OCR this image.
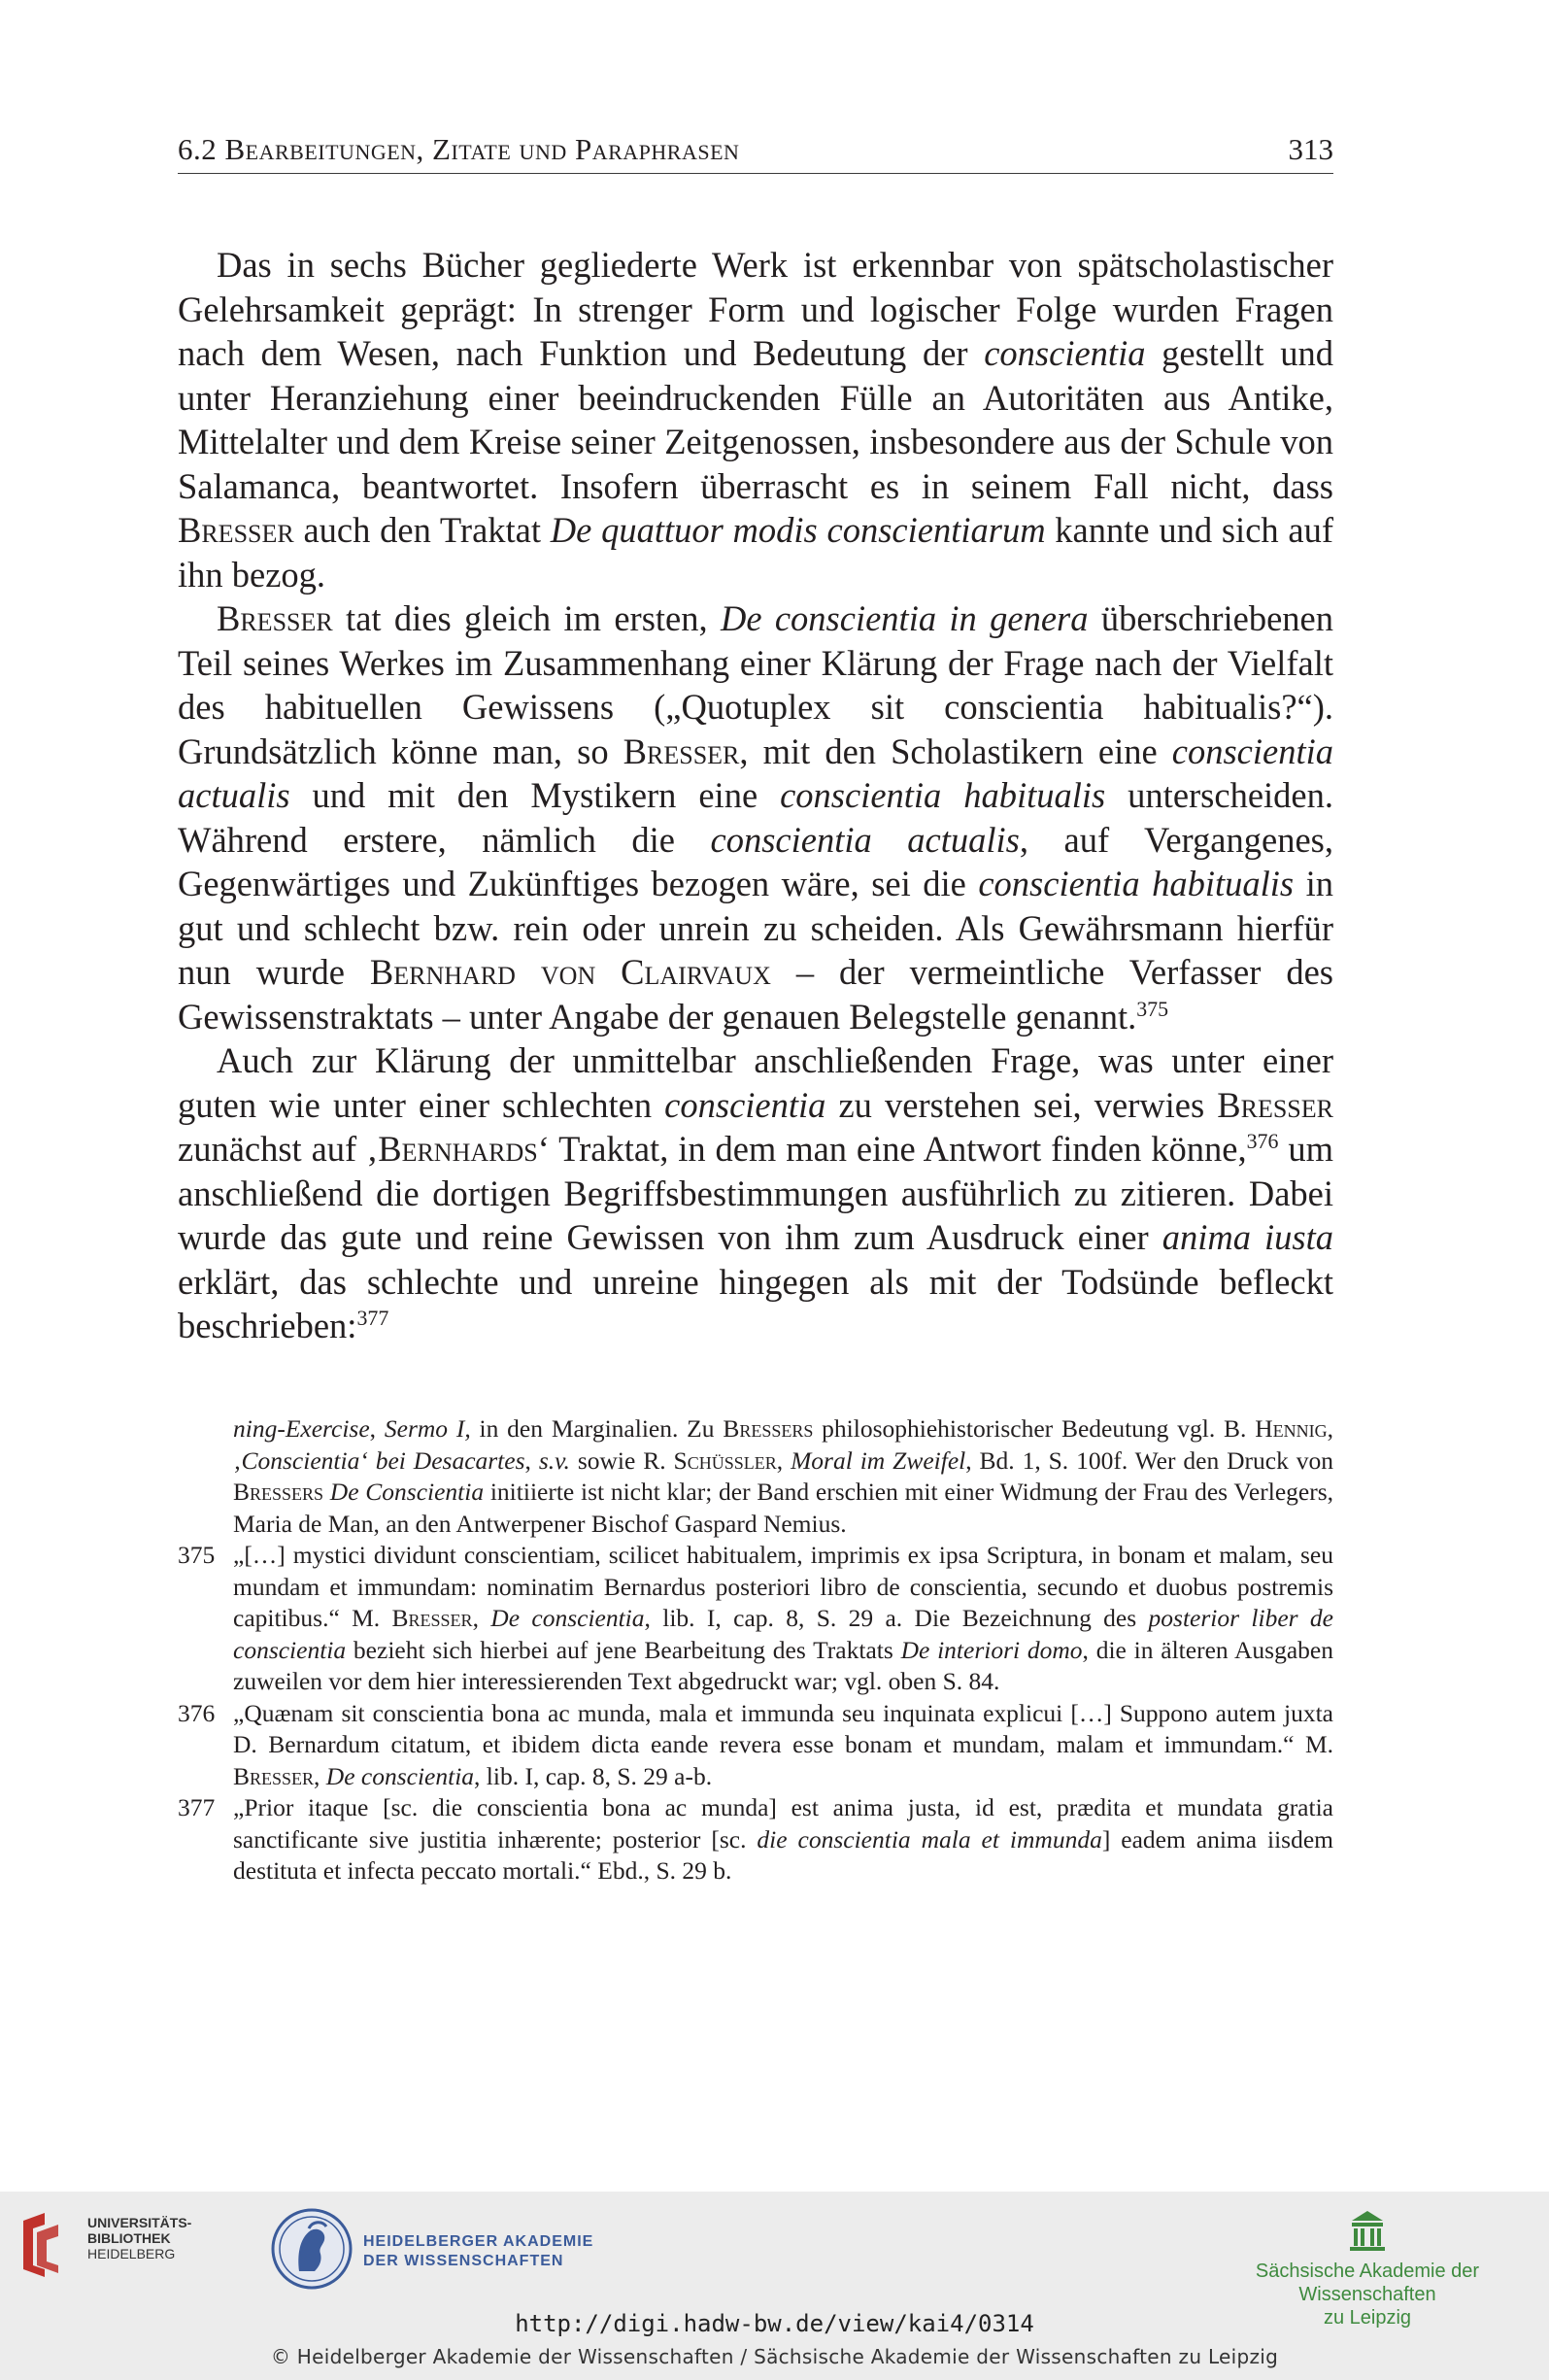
6.2 Bearbeitungen, Zitate und Paraphrasen	313

Das in sechs Bücher gegliederte Werk ist erkennbar von spätscholastischer Gelehrsamkeit geprägt: In strenger Form und logischer Folge wurden Fragen nach dem Wesen, nach Funktion und Bedeutung der conscientia gestellt und unter Heranziehung einer beeindruckenden Fülle an Autoritäten aus Antike, Mittelalter und dem Kreise seiner Zeitgenossen, insbesondere aus der Schule von Salamanca, beantwortet. Insofern überrascht es in seinem Fall nicht, dass Bresser auch den Traktat De quattuor modis conscientiarum kannte und sich auf ihn bezog.

Bresser tat dies gleich im ersten, De conscientia in genera überschriebenen Teil seines Werkes im Zusammenhang einer Klärung der Frage nach der Vielfalt des habituellen Gewissens („Quotuplex sit conscientia habitualis?“). Grundsätzlich könne man, so Bresser, mit den Scholastikern eine conscientia actualis und mit den Mystikern eine conscientia habitualis unterscheiden. Während erstere, nämlich die conscientia actualis, auf Vergangenes, Gegenwärtiges und Zukünftiges bezogen wäre, sei die conscientia habitualis in gut und schlecht bzw. rein oder unrein zu scheiden. Als Gewährsmann hierfür nun wurde Bernhard von Clairvaux – der vermeintliche Verfasser des Gewissenstraktats – unter Angabe der genauen Belegstelle genannt.$^{375}$

Auch zur Klärung der unmittelbar anschließenden Frage, was unter einer guten wie unter einer schlechten conscientia zu verstehen sei, verwies Bresser zunächst auf ‚Bernhards‘ Traktat, in dem man eine Antwort finden könne,$^{376}$ um anschließend die dortigen Begriffsbestimmungen ausführlich zu zitieren. Dabei wurde das gute und reine Gewissen von ihm zum Ausdruck einer anima iusta erklärt, das schlechte und unreine hingegen als mit der Todsünde befleckt beschrieben:$^{377}$

ning-Exercise, Sermo I, in den Marginalien. Zu Bressers philosophiehistorischer Bedeutung vgl. B. Hennig, ‚Conscientia‘ bei Desacartes, s.v. sowie R. Schüssler, Moral im Zweifel, Bd. 1, S. 100f. Wer den Druck von Bressers De Conscientia initiierte ist nicht klar; der Band erschien mit einer Widmung der Frau des Verlegers, Maria de Man, an den Antwerpener Bischof Gaspard Nemius.
375 „[…] mystici dividunt conscientiam, scilicet habitualem, imprimis ex ipsa Scriptura, in bonam et malam, seu mundam et immundam: nominatim Bernardus posteriori libro de conscientia, secundo et duobus postremis capitibus.“ M. Bresser, De conscientia, lib. I, cap. 8, S. 29 a. Die Bezeichnung des posterior liber de conscientia bezieht sich hierbei auf jene Bearbeitung des Traktats De interiori domo, die in älteren Ausgaben zuweilen vor dem hier interessierenden Text abgedruckt war; vgl. oben S. 84.
376 „Quænam sit conscientia bona ac munda, mala et immunda seu inquinata explicui […] Suppono autem juxta D. Bernardum citatum, et ibidem dicta eande revera esse bonam et mundam, malam et immundam.“ M. Bresser, De conscientia, lib. I, cap. 8, S. 29 a-b.
377 „Prior itaque [sc. die conscientia bona ac munda] est anima justa, id est, prædita et mundata gratia sanctificante sive justitia inhærente; posterior [sc. die conscientia mala et immunda] eadem anima iisdem destituta et infecta peccato mortali.“ Ebd., S. 29 b.
UNIVERSITÄTS-
BIBLIOTHEK
HEIDELBERG
HEIDELBERGER AKADEMIE
DER WISSENSCHAFTEN	Sächsische Akademie der Wissenschaften
zu Leipzig
http://digi.hadw-bw.de/view/kai4/0314
© Heidelberger Akademie der Wissenschaften / Sächsische Akademie der Wissenschaften zu Leipzig
